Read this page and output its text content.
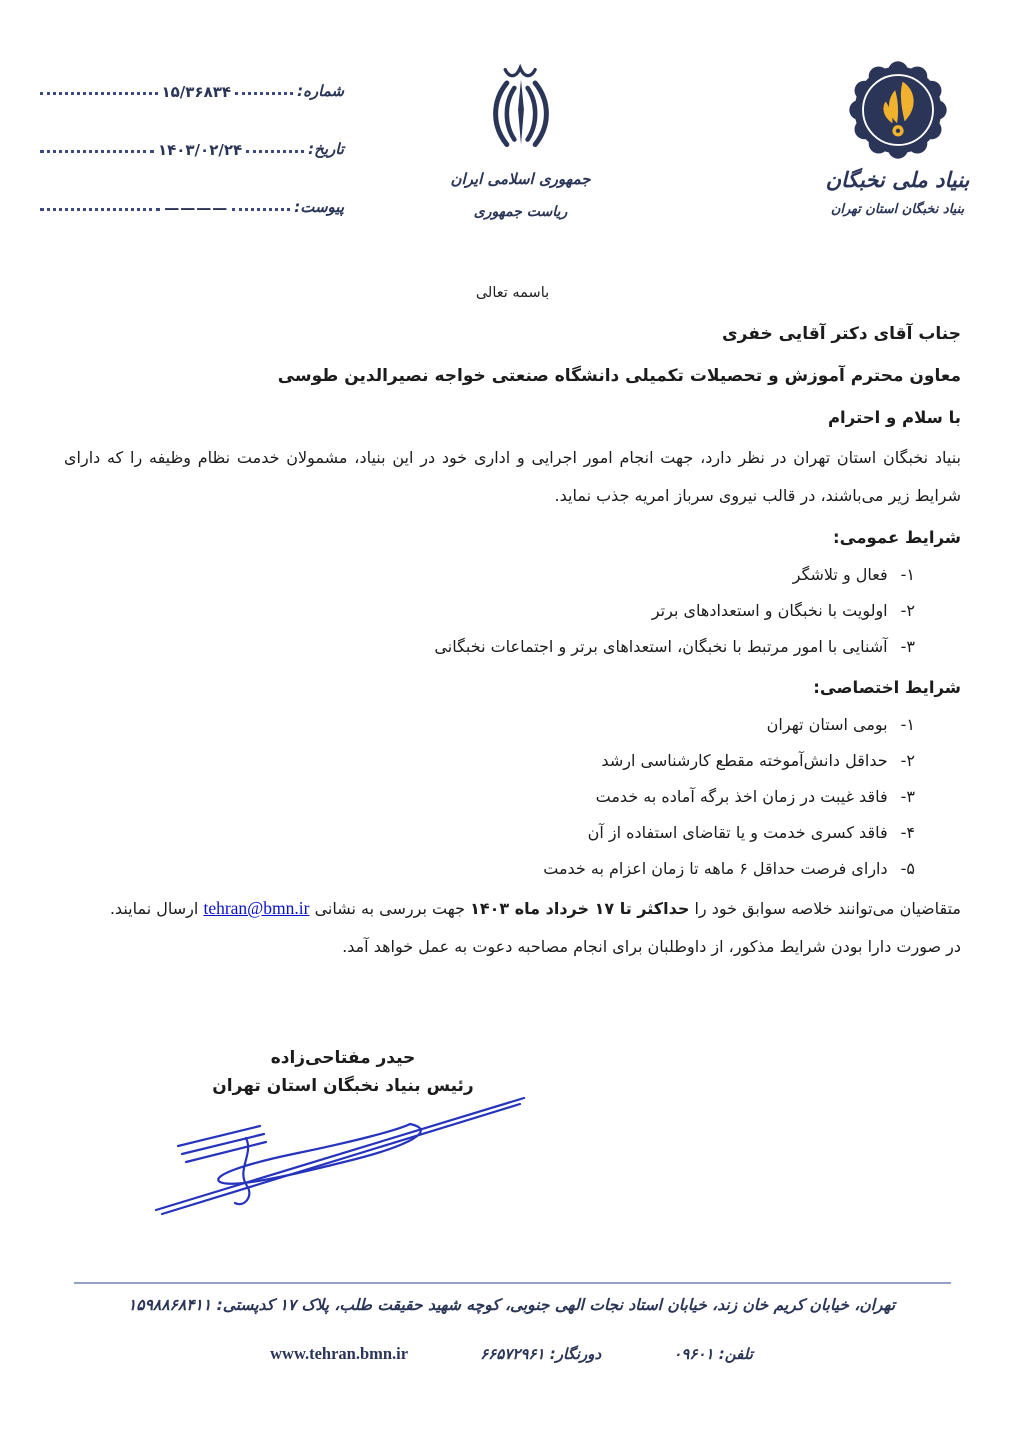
شماره:
۱۵/۳۶۸۳۴
تاریخ:
۱۴۰۳/۰۲/۲۴
پیوست:
————
جمهوری اسلامی ایران
ریاست جمهوری
بنیاد ملی نخبگان
بنیاد نخبگان استان تهران
باسمه تعالی
جناب آقای دکتر آقایی خفری
معاون محترم آموزش و تحصیلات تکمیلی دانشگاه صنعتی خواجه نصیرالدین طوسی
با سلام و احترام

بنیاد نخبگان استان تهران در نظر دارد، جهت انجام امور اجرایی و اداری خود در این بنیاد، مشمولان خدمت نظام وظیفه را که دارای شرایط زیر می‌باشند، در قالب نیروی سرباز امریه جذب نماید.

شرایط عمومی:
۱-فعال و تلاشگر
۲-اولویت با نخبگان و استعدادهای برتر
۳-آشنایی با امور مرتبط با نخبگان، استعداهای برتر و اجتماعات نخبگانی
شرایط اختصاصی:
۱-بومی استان تهران
۲-حداقل دانش‌آموخته مقطع کارشناسی ارشد
۳-فاقد غیبت در زمان اخذ برگه آماده به خدمت
۴-فاقد کسری خدمت و یا تقاضای استفاده از آن
۵-دارای فرصت حداقل ۶ ماهه تا زمان اعزام به خدمت

متقاضیان می‌توانند خلاصه سوابق خود را حداکثر تا ۱۷ خرداد ماه ۱۴۰۳ جهت بررسی به نشانی tehran@bmn.ir ارسال نمایند.

در صورت دارا بودن شرایط مذکور، از داوطلبان برای انجام مصاحبه دعوت به عمل خواهد آمد.

حیدر مفتاحی‌زاده
رئیس بنیاد نخبگان استان تهران
تهران، خیابان کریم خان زند، خیابان استاد نجات الهی جنوبی، کوچه شهید حقیقت طلب، پلاک ۱۷ کدپستی: ۱۵۹۸۸۶۸۴۱۱
تلفن: ۰۹۶۰۱
دورنگار: ۶۶۵۷۲۹۶۱
www.tehran.bmn.ir
